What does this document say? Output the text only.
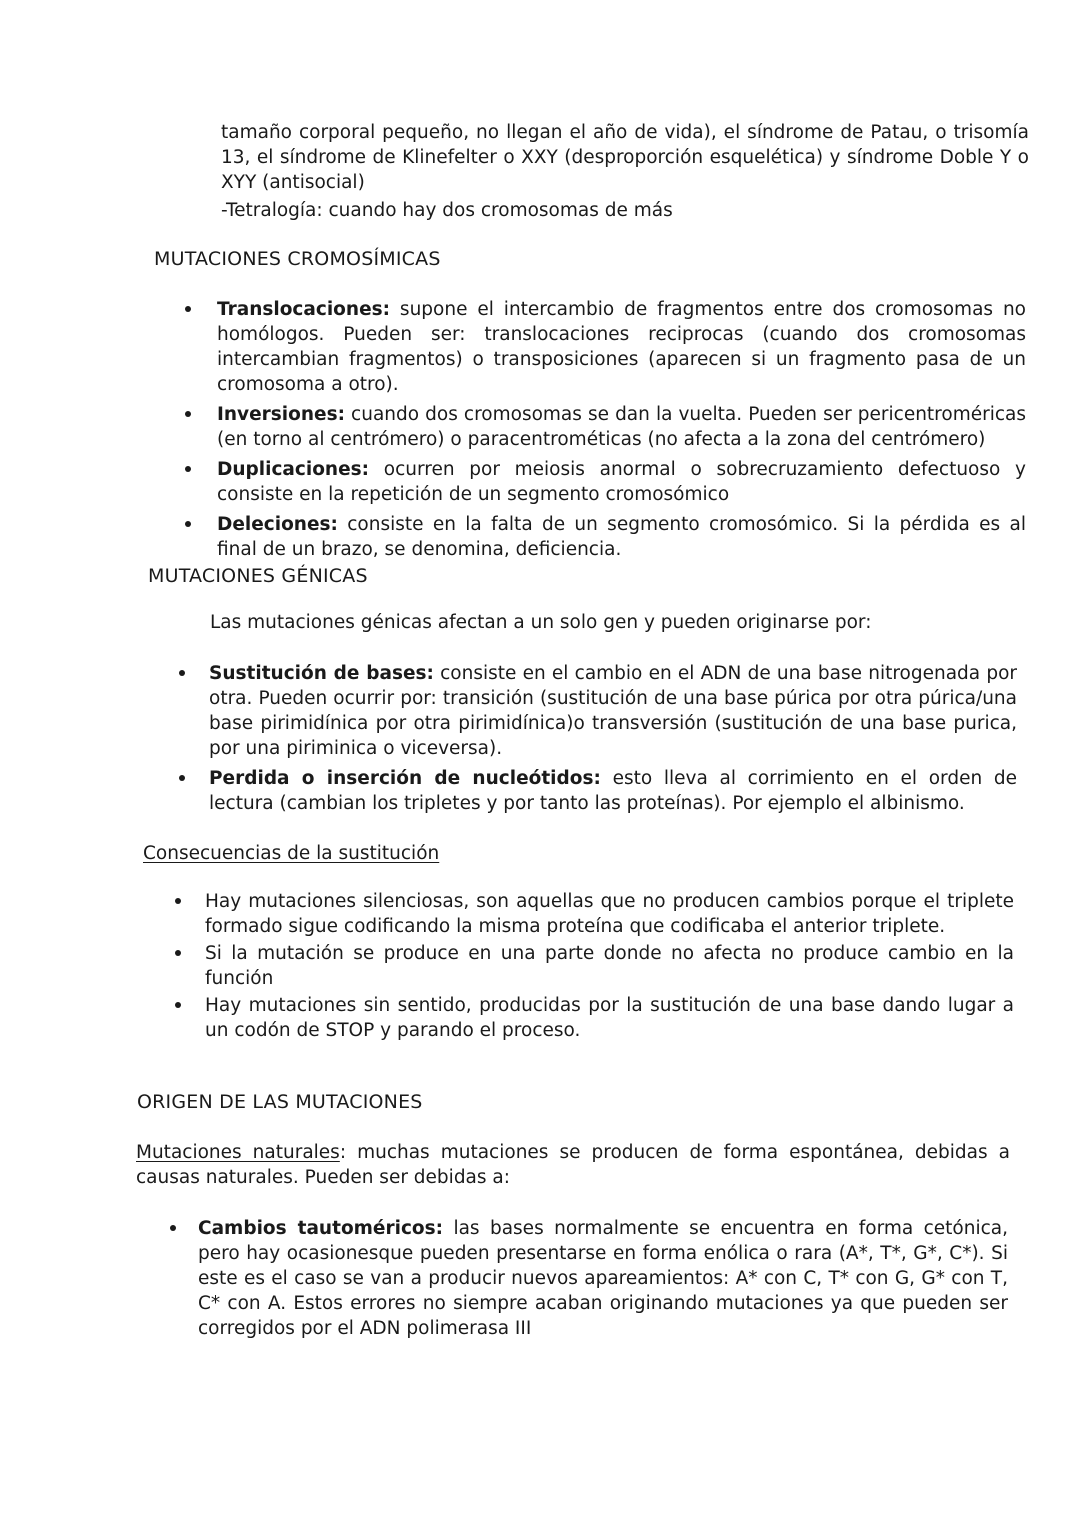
tamaño corporal pequeño, no llegan el año de vida), el síndrome de Patau, o trisomía 13, el síndrome de Klinefelter o XXY (desproporción esquelética) y síndrome Doble Y o XYY (antisocial)

-Tetralogía: cuando hay dos cromosomas de más

MUTACIONES CROMOSÍMICAS
Translocaciones: supone el intercambio de fragmentos entre dos cromosomas no homólogos. Pueden ser: translocaciones reciprocas (cuando dos cromosomas intercambian fragmentos) o transposiciones (aparecen si un fragmento pasa de un cromosoma a otro).
Inversiones: cuando dos cromosomas se dan la vuelta. Pueden ser pericentroméricas (en torno al centrómero) o paracentrométicas (no afecta a la zona del centrómero)
Duplicaciones: ocurren por meiosis anormal o sobrecruzamiento defectuoso y consiste en la repetición de un segmento cromosómico
Deleciones: consiste en la falta de un segmento cromosómico. Si la pérdida es al final de un brazo, se denomina, deficiencia.
MUTACIONES GÉNICAS
Las mutaciones génicas afectan a un solo gen y pueden originarse por:
Sustitución de bases: consiste en el cambio en el ADN de una base nitrogenada por otra. Pueden ocurrir por: transición (sustitución de una base púrica por otra púrica/una base pirimidínica por otra pirimidínica)o transversión (sustitución de una base purica, por una piriminica o viceversa).
Perdida o inserción de nucleótidos: esto lleva al corrimiento en el orden de lectura (cambian los tripletes y por tanto las proteínas). Por ejemplo el albinismo.
Consecuencias de la sustitución
Hay mutaciones silenciosas, son aquellas que no producen cambios porque el triplete formado sigue codificando la misma proteína que codificaba el anterior triplete.
Si la mutación se produce en una parte donde no afecta no produce cambio en la función
Hay mutaciones sin sentido, producidas por la sustitución de una base dando lugar a un codón de STOP y parando el proceso.
ORIGEN DE LAS MUTACIONES
Mutaciones naturales: muchas mutaciones se producen de forma espontánea, debidas a causas naturales. Pueden ser debidas a:
Cambios tautoméricos: las bases normalmente se encuentra en forma cetónica, pero hay ocasionesque pueden presentarse en forma enólica o rara (A*, T*, G*, C*). Si este es el caso se van a producir nuevos apareamientos: A* con C, T* con G, G* con T, C* con A. Estos errores no siempre acaban originando mutaciones ya que pueden ser corregidos por el ADN polimerasa III
